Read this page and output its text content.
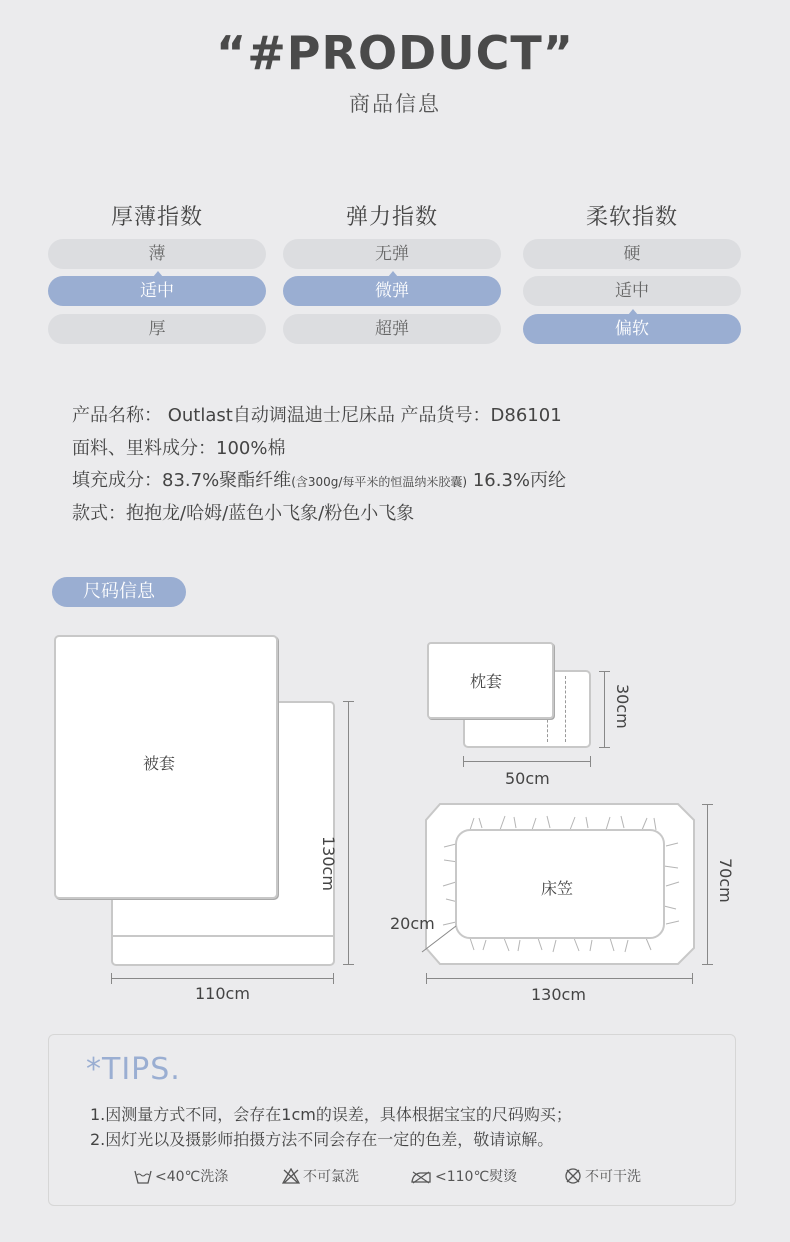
“#PRODUCT”
商品信息
厚薄指数
薄
适中
厚
弹力指数
无弹
微弹
超弹
柔软指数
硬
适中
偏软
产品名称： Outlast自动调温迪士尼床品 产品货号：D86101
面料、里料成分：100%棉
填充成分：83.7%聚酯纤维(含300g/每平米的恒温纳米胶囊) 16.3%丙纶
款式：抱抱龙/哈姆/蓝色小飞象/粉色小飞象
尺码信息
被套
130cm
110cm
枕套
30cm
50cm
床笠
20cm
70cm
130cm
*TIPS.
1.因测量方式不同，会存在1cm的误差，具体根据宝宝的尺码购买；
2.因灯光以及摄影师拍摄方法不同会存在一定的色差，敬请谅解。
<40℃洗涤	不可氯洗	<110℃熨烫	不可干洗
